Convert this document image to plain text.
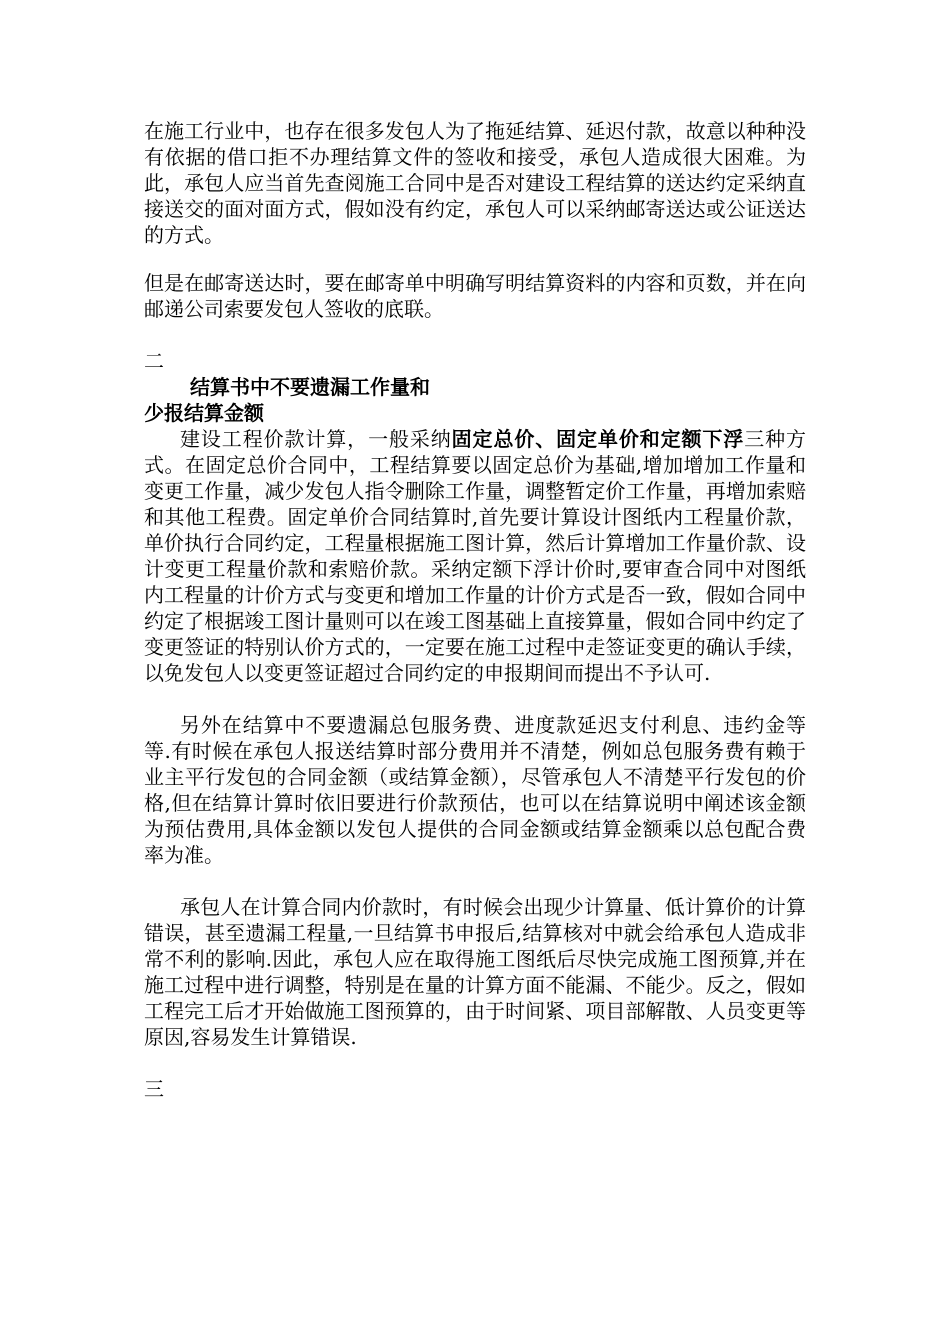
在施工行业中，也存在很多发包人为了拖延结算、延迟付款，故意以种种没有依据的借口拒不办理结算文件的签收和接受，承包人造成很大困难。为此，承包人应当首先查阅施工合同中是否对建设工程结算的送达约定采纳直接送交的面对面方式，假如没有约定，承包人可以采纳邮寄送达或公证送达的方式。

但是在邮寄送达时，要在邮寄单中明确写明结算资料的内容和页数，并在向邮递公司索要发包人签收的底联。

二

结算书中不要遗漏工作量和

少报结算金额

建设工程价款计算，一般采纳固定总价、固定单价和定额下浮三种方式。在固定总价合同中，工程结算要以固定总价为基础,增加增加工作量和变更工作量，减少发包人指令删除工作量，调整暂定价工作量，再增加索赔和其他工程费。固定单价合同结算时,首先要计算设计图纸内工程量价款，单价执行合同约定，工程量根据施工图计算，然后计算增加工作量价款、设计变更工程量价款和索赔价款。采纳定额下浮计价时,要审查合同中对图纸内工程量的计价方式与变更和增加工作量的计价方式是否一致，假如合同中约定了根据竣工图计量则可以在竣工图基础上直接算量，假如合同中约定了变更签证的特别认价方式的，一定要在施工过程中走签证变更的确认手续，以免发包人以变更签证超过合同约定的申报期间而提出不予认可.

另外在结算中不要遗漏总包服务费、进度款延迟支付利息、违约金等等.有时候在承包人报送结算时部分费用并不清楚，例如总包服务费有赖于业主平行发包的合同金额（或结算金额），尽管承包人不清楚平行发包的价格,但在结算计算时依旧要进行价款预估，也可以在结算说明中阐述该金额为预估费用,具体金额以发包人提供的合同金额或结算金额乘以总包配合费率为准。

承包人在计算合同内价款时，有时候会出现少计算量、低计算价的计算错误，甚至遗漏工程量,一旦结算书申报后,结算核对中就会给承包人造成非常不利的影响.因此，承包人应在取得施工图纸后尽快完成施工图预算,并在施工过程中进行调整，特别是在量的计算方面不能漏、不能少。反之，假如工程完工后才开始做施工图预算的，由于时间紧、项目部解散、人员变更等原因,容易发生计算错误.

三
